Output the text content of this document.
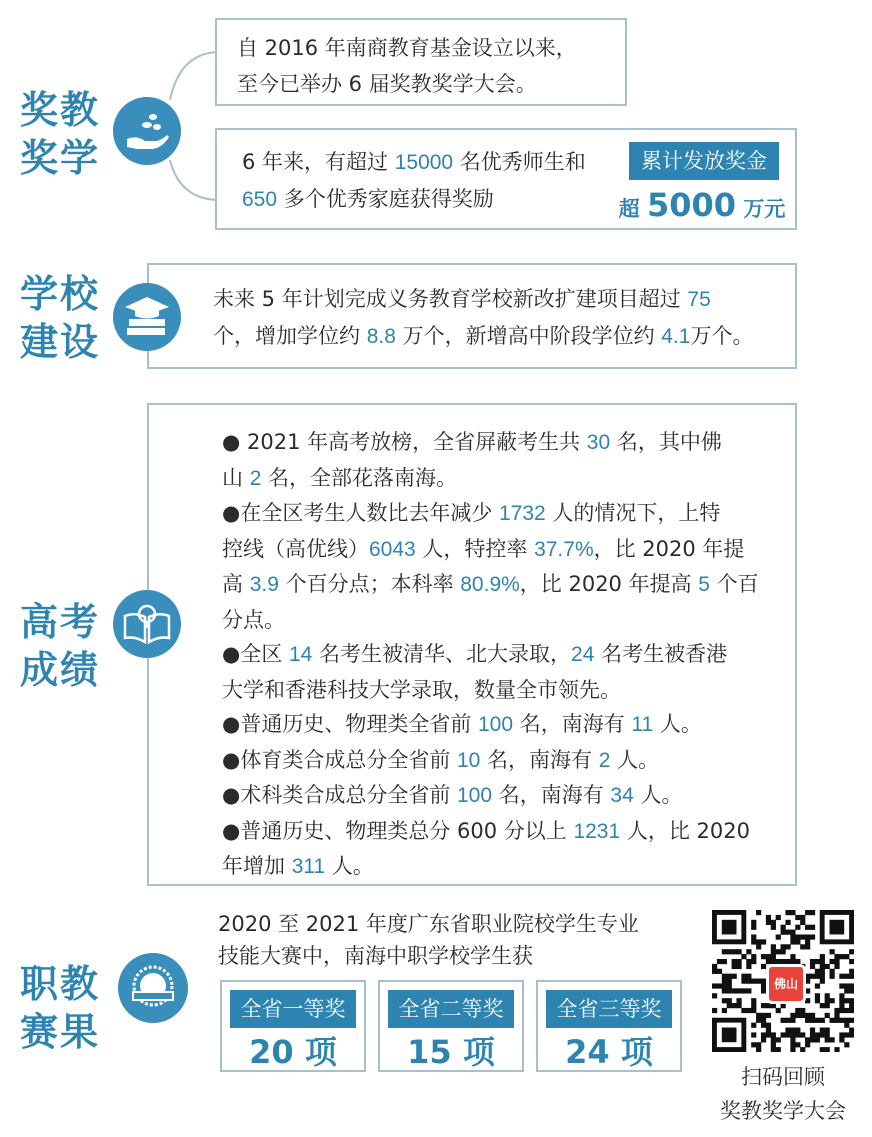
奖教
奖学
自 2016 年南商教育基金设立以来，
至今已举办 6 届奖教奖学大会。
6 年来，有超过 15000 名优秀师生和
650 多个优秀家庭获得奖励
累计发放奖金
超 5000 万元
学校
建设
未来 5 年计划完成义务教育学校新改扩建项目超过 75
个，增加学位约 8.8 万个，新增高中阶段学位约 4.1万个。
高考
成绩
● 2021 年高考放榜，全省屏蔽考生共 30 名，其中佛
山 2 名，全部花落南海。
●在全区考生人数比去年减少 1732 人的情况下，上特
控线（高优线）6043 人，特控率 37.7%，比 2020 年提
高 3.9 个百分点；本科率 80.9%，比 2020 年提高 5 个百
分点。
●全区 14 名考生被清华、北大录取，24 名考生被香港
大学和香港科技大学录取，数量全市领先。
●普通历史、物理类全省前 100 名，南海有 11 人。
●体育类合成总分全省前 10 名，南海有 2 人。
●术科类合成总分全省前 100 名，南海有 34 人。
●普通历史、物理类总分 600 分以上 1231 人，比 2020
年增加 311 人。
职教
赛果
2020 至 2021 年度广东省职业院校学生专业
技能大赛中，南海中职学校学生获
全省一等奖
20 项
全省二等奖
15 项
全省三等奖
24 项
佛山
扫码回顾
奖教奖学大会
